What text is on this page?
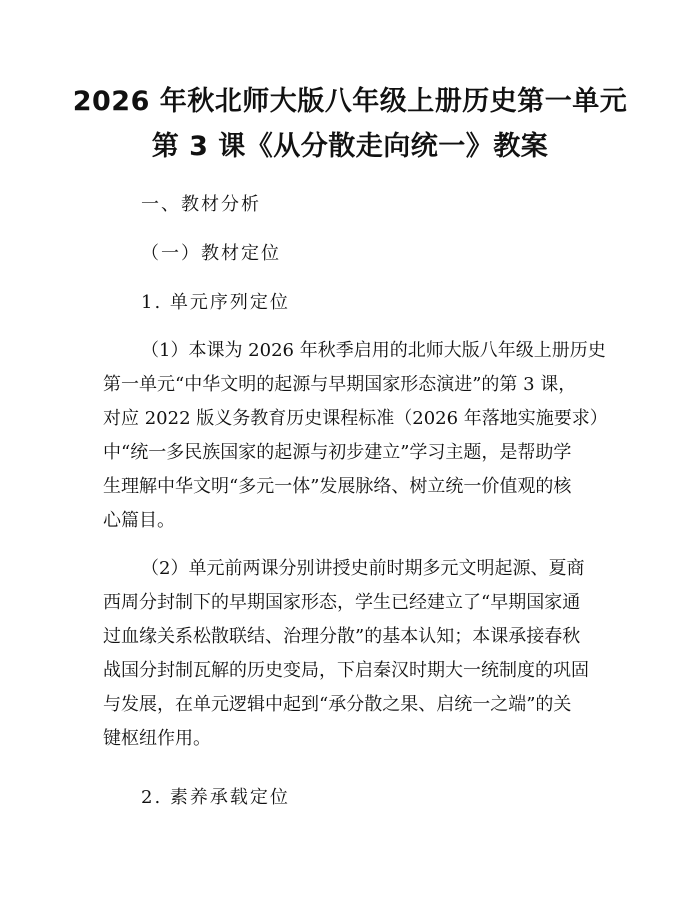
2026 年秋北师大版八年级上册历史第一单元
第 3 课《从分散走向统一》教案
一、教材分析
（一）教材定位
1. 单元序列定位
（1）本课为 2026 年秋季启用的北师大版八年级上册历史
第一单元“中华文明的起源与早期国家形态演进”的第 3 课，
对应 2022 版义务教育历史课程标准（2026 年落地实施要求）
中“统一多民族国家的起源与初步建立”学习主题，是帮助学
生理解中华文明“多元一体”发展脉络、树立统一价值观的核
心篇目。
（2）单元前两课分别讲授史前时期多元文明起源、夏商
西周分封制下的早期国家形态，学生已经建立了“早期国家通
过血缘关系松散联结、治理分散”的基本认知；本课承接春秋
战国分封制瓦解的历史变局，下启秦汉时期大一统制度的巩固
与发展，在单元逻辑中起到“承分散之果、启统一之端”的关
键枢纽作用。
2. 素养承载定位
